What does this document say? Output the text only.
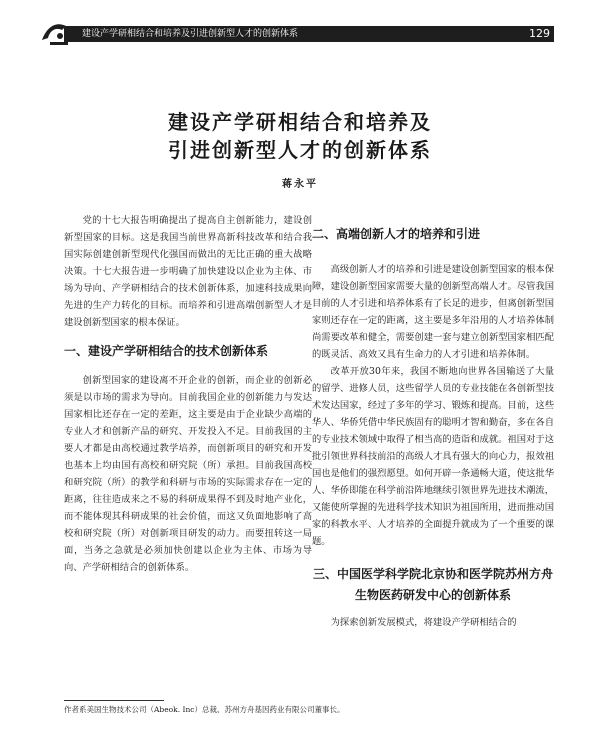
建设产学研相结合和培养及引进创新型人才的创新体系	129
建设产学研相结合和培养及
引进创新型人才的创新体系
蒋永平

党的十七大报告明确提出了提高自主创新能力，建设创新型国家的目标。这是我国当前世界高新科技改革和结合我国实际创建创新型现代化强国而做出的无比正确的重大战略决策。十七大报告进一步明确了加快建设以企业为主体、市场为导向、产学研相结合的技术创新体系，加速科技成果向先进的生产力转化的目标。而培养和引进高端创新型人才是建设创新型国家的根本保证。

一、建设产学研相结合的技术创新体系

创新型国家的建设离不开企业的创新，而企业的创新必须是以市场的需求为导向。目前我国企业的创新能力与发达国家相比还存在一定的差距，这主要是由于企业缺少高端的专业人才和创新产品的研究、开发投入不足。目前我国的主要人才都是由高校通过教学培养，而创新项目的研究和开发也基本上均由国有高校和研究院（所）承担。目前我国高校和研究院（所）的教学和科研与市场的实际需求存在一定的距离，往往造成来之不易的科研成果得不到及时地产业化，而不能体现其科研成果的社会价值，而这又负面地影响了高校和研究院（所）对创新项目研发的动力。而要扭转这一局面，当务之急就是必须加快创建以企业为主体、市场为导向、产学研相结合的创新体系。

二、高端创新人才的培养和引进

高级创新人才的培养和引进是建设创新型国家的根本保障，建设创新型国家需要大量的创新型高端人才。尽管我国目前的人才引进和培养体系有了长足的进步，但离创新型国家则还存在一定的距离，这主要是多年沿用的人才培养体制尚需要改革和健全，需要创建一套与建立创新型国家相匹配的既灵活、高效又具有生命力的人才引进和培养体制。

改革开放30年来，我国不断地向世界各国输送了大量的留学、进修人员，这些留学人员的专业技能在各创新型技术发达国家，经过了多年的学习、锻炼和提高。目前，这些华人、华侨凭借中华民族固有的聪明才智和勤奋，多在各自的专业技术领域中取得了相当高的造诣和成就。祖国对于这批引领世界科技前沿的高级人才具有强大的向心力，报效祖国也是他们的强烈愿望。如何开辟一条通畅大道，使这批华人、华侨即能在科学前沿阵地继续引领世界先进技术潮流，又能使所掌握的先进科学技术知识为祖国所用，进而推动国家的科教水平、人才培养的全面提升就成为了一个重要的课题。

三、中国医学科学院北京协和医学院苏州方舟生物医药研发中心的创新体系

为探索创新发展模式，将建设产学研相结合的

作者系美国生物技术公司（Abeok. Inc）总裁、苏州方舟基因药业有限公司董事长。
